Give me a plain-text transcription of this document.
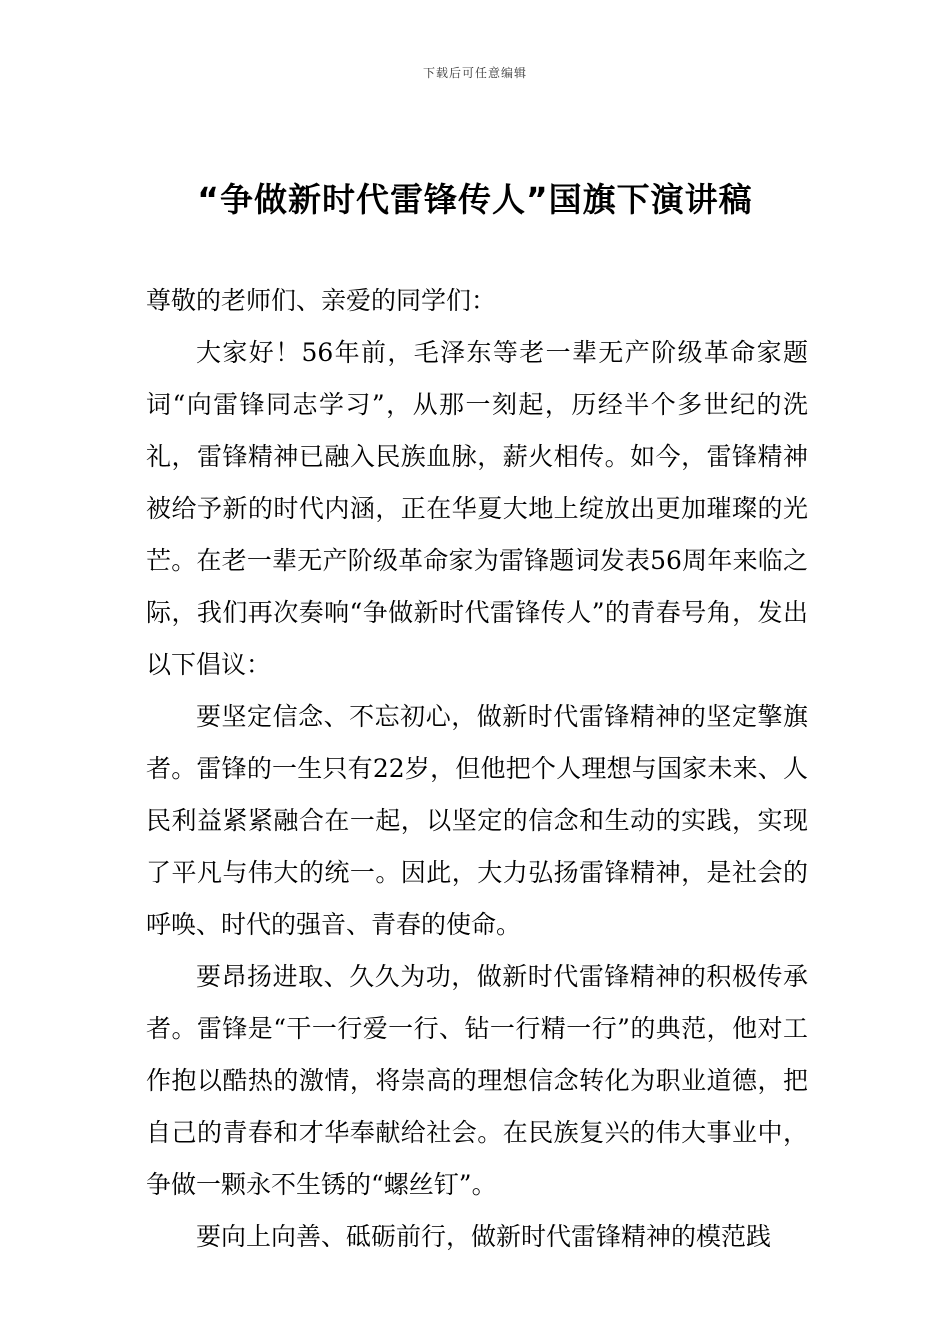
下载后可任意编辑
“争做新时代雷锋传人”国旗下演讲稿

尊敬的老师们、亲爱的同学们：

大家好！56年前，毛泽东等老一辈无产阶级革命家题词“向雷锋同志学习”，从那一刻起，历经半个多世纪的洗礼，雷锋精神已融入民族血脉，薪火相传。如今，雷锋精神被给予新的时代内涵，正在华夏大地上绽放出更加璀璨的光芒。在老一辈无产阶级革命家为雷锋题词发表56周年来临之际，我们再次奏响“争做新时代雷锋传人”的青春号角，发出以下倡议：

要坚定信念、不忘初心，做新时代雷锋精神的坚定擎旗者。雷锋的一生只有22岁，但他把个人理想与国家未来、人民利益紧紧融合在一起，以坚定的信念和生动的实践，实现了平凡与伟大的统一。因此，大力弘扬雷锋精神，是社会的呼唤、时代的强音、青春的使命。

要昂扬进取、久久为功，做新时代雷锋精神的积极传承者。雷锋是“干一行爱一行、钻一行精一行”的典范，他对工作抱以酷热的激情，将崇高的理想信念转化为职业道德，把自己的青春和才华奉献给社会。在民族复兴的伟大事业中，争做一颗永不生锈的“螺丝钉”。

要向上向善、砥砺前行，做新时代雷锋精神的模范践
